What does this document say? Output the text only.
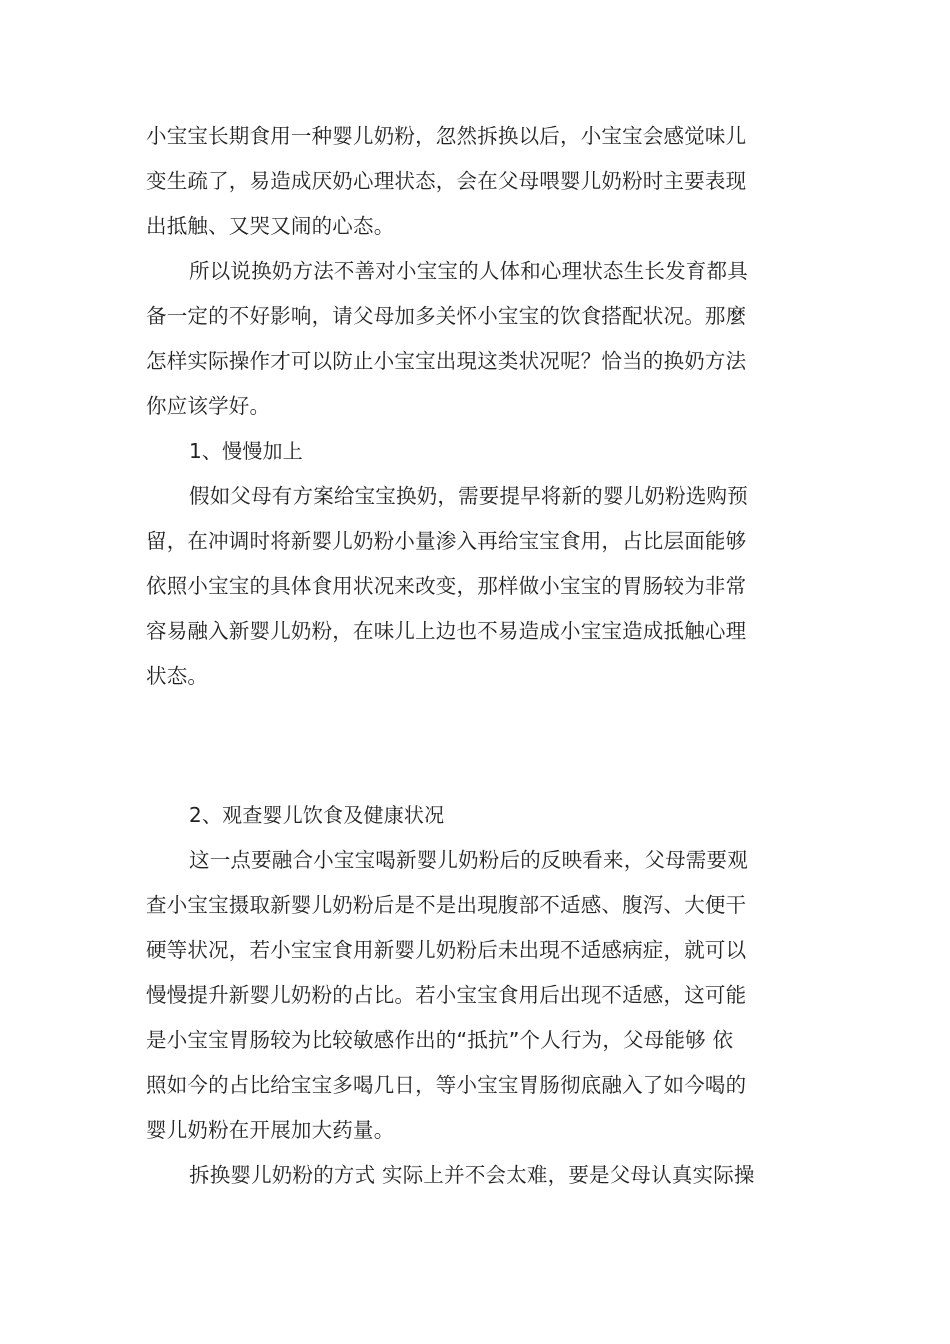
小宝宝长期食用一种婴儿奶粉，忽然拆换以后，小宝宝会感觉味儿
变生疏了，易造成厌奶心理状态，会在父母喂婴儿奶粉时主要表现
出抵触、又哭又闹的心态。
所以说换奶方法不善对小宝宝的人体和心理状态生长发育都具
备一定的不好影响，请父母加多关怀小宝宝的饮食搭配状况。那麼
怎样实际操作才可以防止小宝宝出現这类状况呢？恰当的换奶方法
你应该学好。
1、慢慢加上
假如父母有方案给宝宝换奶，需要提早将新的婴儿奶粉选购预
留，在冲调时将新婴儿奶粉小量渗入再给宝宝食用，占比层面能够
依照小宝宝的具体食用状况来改变，那样做小宝宝的胃肠较为非常
容易融入新婴儿奶粉，在味儿上边也不易造成小宝宝造成抵触心理
状态。
2、观查婴儿饮食及健康状况
这一点要融合小宝宝喝新婴儿奶粉后的反映看来，父母需要观
查小宝宝摄取新婴儿奶粉后是不是出現腹部不适感、腹泻、大便干
硬等状况，若小宝宝食用新婴儿奶粉后未出現不适感病症，就可以
慢慢提升新婴儿奶粉的占比。若小宝宝食用后出现不适感，这可能
是小宝宝胃肠较为比较敏感作出的“抵抗”个人行为，父母能够 依
照如今的占比给宝宝多喝几日，等小宝宝胃肠彻底融入了如今喝的
婴儿奶粉在开展加大药量。
拆换婴儿奶粉的方式 实际上并不会太难，要是父母认真实际操
